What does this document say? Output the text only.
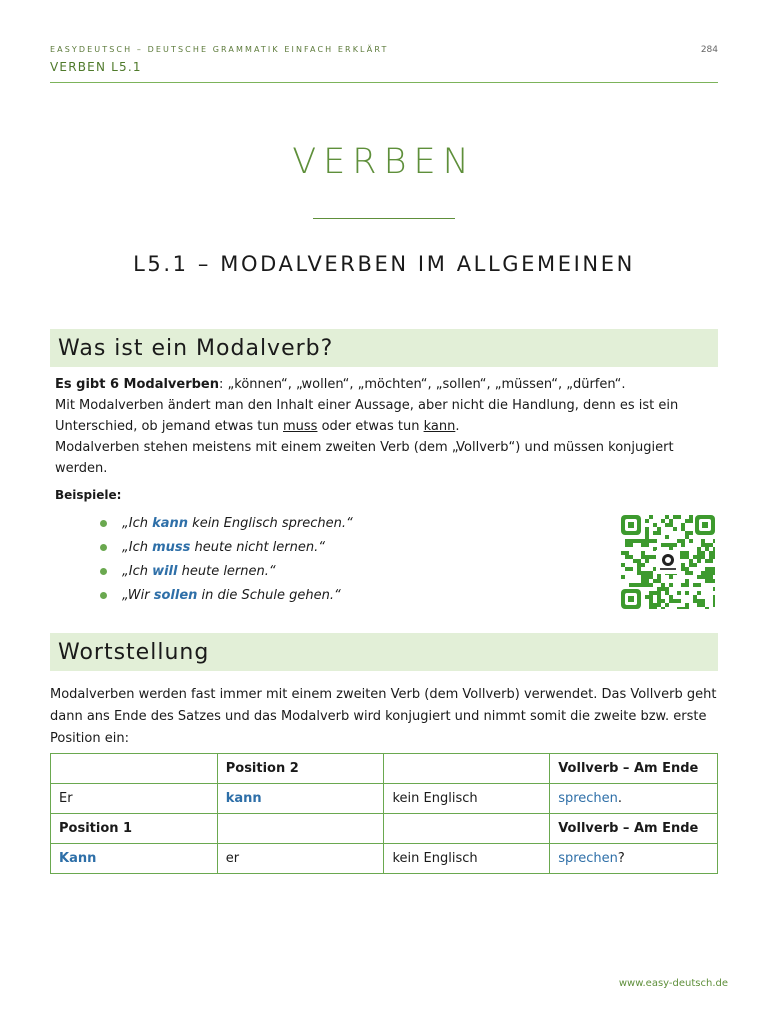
EASYDEUTSCH – DEUTSCHE GRAMMATIK EINFACH ERKLÄRT	284
VERBEN L5.1
VERBEN
L5.1 – MODALVERBEN IM ALLGEMEINEN
Was ist ein Modalverb?
Es gibt 6 Modalverben: „können“, „wollen“, „möchten“, „sollen“, „müssen“, „dürfen“.
Mit Modalverben ändert man den Inhalt einer Aussage, aber nicht die Handlung, denn es ist ein Unterschied, ob jemand etwas tun muss oder etwas tun kann.
Modalverben stehen meistens mit einem zweiten Verb (dem „Vollverb“) und müssen konjugiert werden.
Beispiele:
„Ich kann kein Englisch sprechen.“
„Ich muss heute nicht lernen.“
„Ich will heute lernen.“
„Wir sollen in die Schule gehen.“
Wortstellung
Modalverben werden fast immer mit einem zweiten Verb (dem Vollverb) verwendet. Das Vollverb geht dann ans Ende des Satzes und das Modalverb wird konjugiert und nimmt somit die zweite bzw. erste Position ein:
	Position 2		Vollverb – Am Ende
Er	kann	kein Englisch	sprechen.
Position 1			Vollverb – Am Ende
Kann	er	kein Englisch	sprechen?
www.easy-deutsch.de
